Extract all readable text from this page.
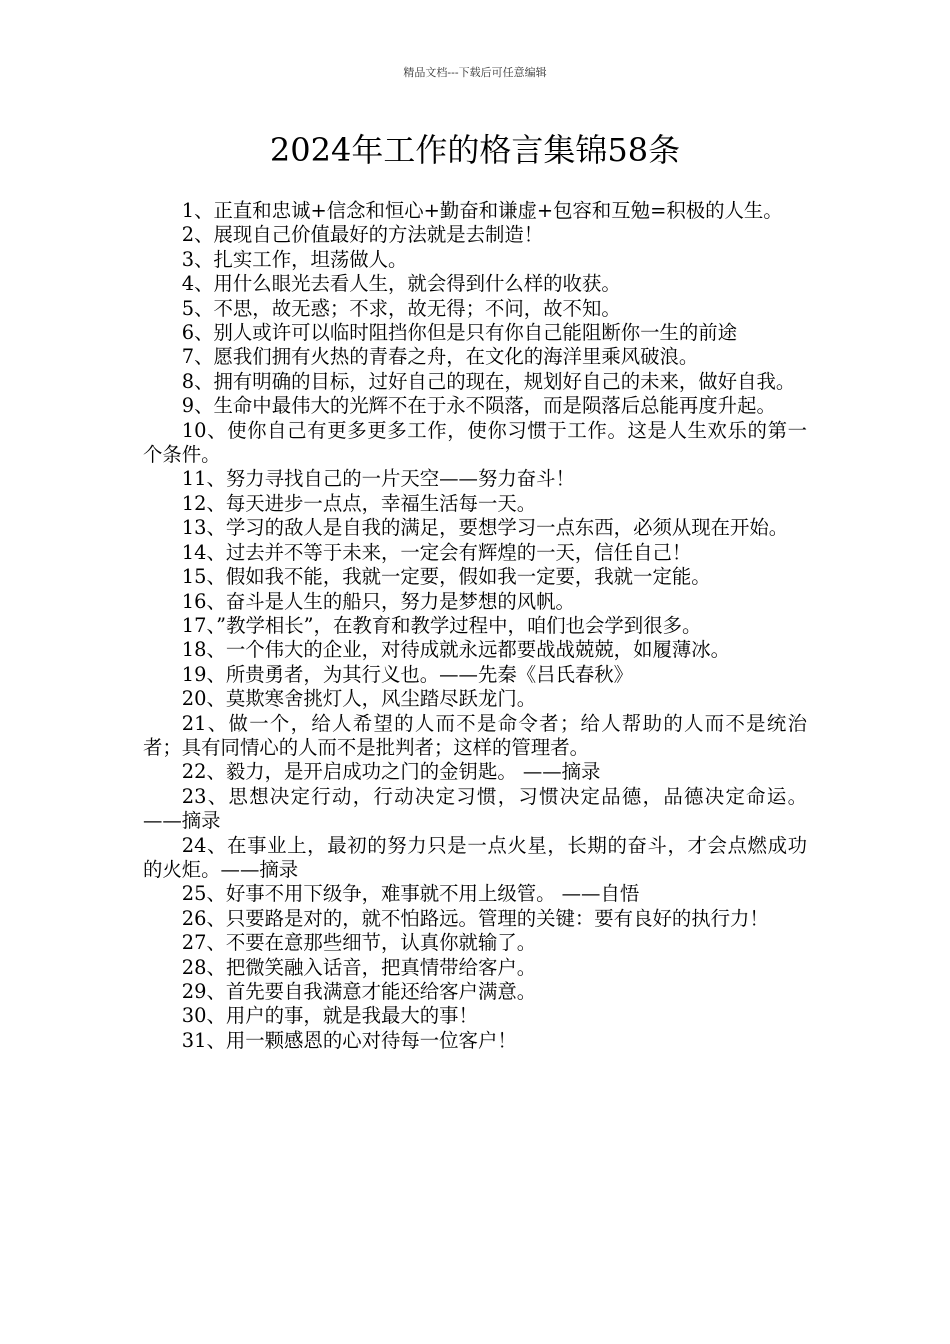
精品文档---下载后可任意编辑
2024年工作的格言集锦58条

1、正直和忠诚+信念和恒心+勤奋和谦虚+包容和互勉=积极的人生。

2、展现自己价值最好的方法就是去制造！

3、扎实工作，坦荡做人。

4、用什么眼光去看人生，就会得到什么样的收获。

5、不思，故无惑；不求，故无得；不问，故不知。

6、别人或许可以临时阻挡你但是只有你自己能阻断你一生的前途

7、愿我们拥有火热的青春之舟，在文化的海洋里乘风破浪。

8、拥有明确的目标，过好自己的现在，规划好自己的未来，做好自我。

9、生命中最伟大的光辉不在于永不陨落，而是陨落后总能再度升起。

10、使你自己有更多更多工作，使你习惯于工作。这是人生欢乐的第一个条件。

11、努力寻找自己的一片天空——努力奋斗！

12、每天进步一点点，幸福生活每一天。

13、学习的敌人是自我的满足，要想学习一点东西，必须从现在开始。

14、过去并不等于未来，一定会有辉煌的一天，信任自己！

15、假如我不能，我就一定要，假如我一定要，我就一定能。

16、奋斗是人生的船只，努力是梦想的风帆。

17、”教学相长”，在教育和教学过程中，咱们也会学到很多。

18、一个伟大的企业，对待成就永远都要战战兢兢，如履薄冰。

19、所贵勇者，为其行义也。——先秦《吕氏春秋》

20、莫欺寒舍挑灯人，风尘踏尽跃龙门。

21、做一个，给人希望的人而不是命令者；给人帮助的人而不是统治者；具有同情心的人而不是批判者；这样的管理者。

22、毅力，是开启成功之门的金钥匙。 ——摘录

23、思想决定行动，行动决定习惯，习惯决定品德，品德决定命运。 ——摘录

24、在事业上，最初的努力只是一点火星，长期的奋斗，才会点燃成功的火炬。——摘录

25、好事不用下级争，难事就不用上级管。 ——自悟

26、只要路是对的，就不怕路远。管理的关键：要有良好的执行力！

27、不要在意那些细节，认真你就输了。

28、把微笑融入话音，把真情带给客户。

29、首先要自我满意才能还给客户满意。

30、用户的事，就是我最大的事！

31、用一颗感恩的心对待每一位客户！
